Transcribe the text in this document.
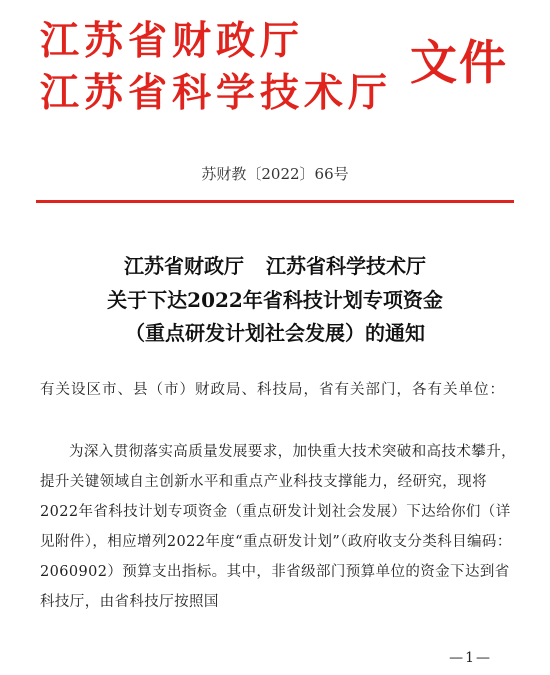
江苏省财政厅
江苏省科学技术厅
文件
苏财教〔2022〕66号
江苏省财政厅 江苏省科学技术厅
关于下达2022年省科技计划专项资金
（重点研发计划社会发展）的通知
有关设区市、县（市）财政局、科技局，省有关部门，各有关单位：
为深入贯彻落实高质量发展要求，加快重大技术突破和高技术攀升，提升关键领域自主创新水平和重点产业科技支撑能力，经研究，现将2022年省科技计划专项资金（重点研发计划社会发展）下达给你们（详见附件），相应增列2022年度“重点研发计划”（政府收支分类科目编码：2060902）预算支出指标。其中，非省级部门预算单位的资金下达到省科技厅，由省科技厅按照国
—1—
